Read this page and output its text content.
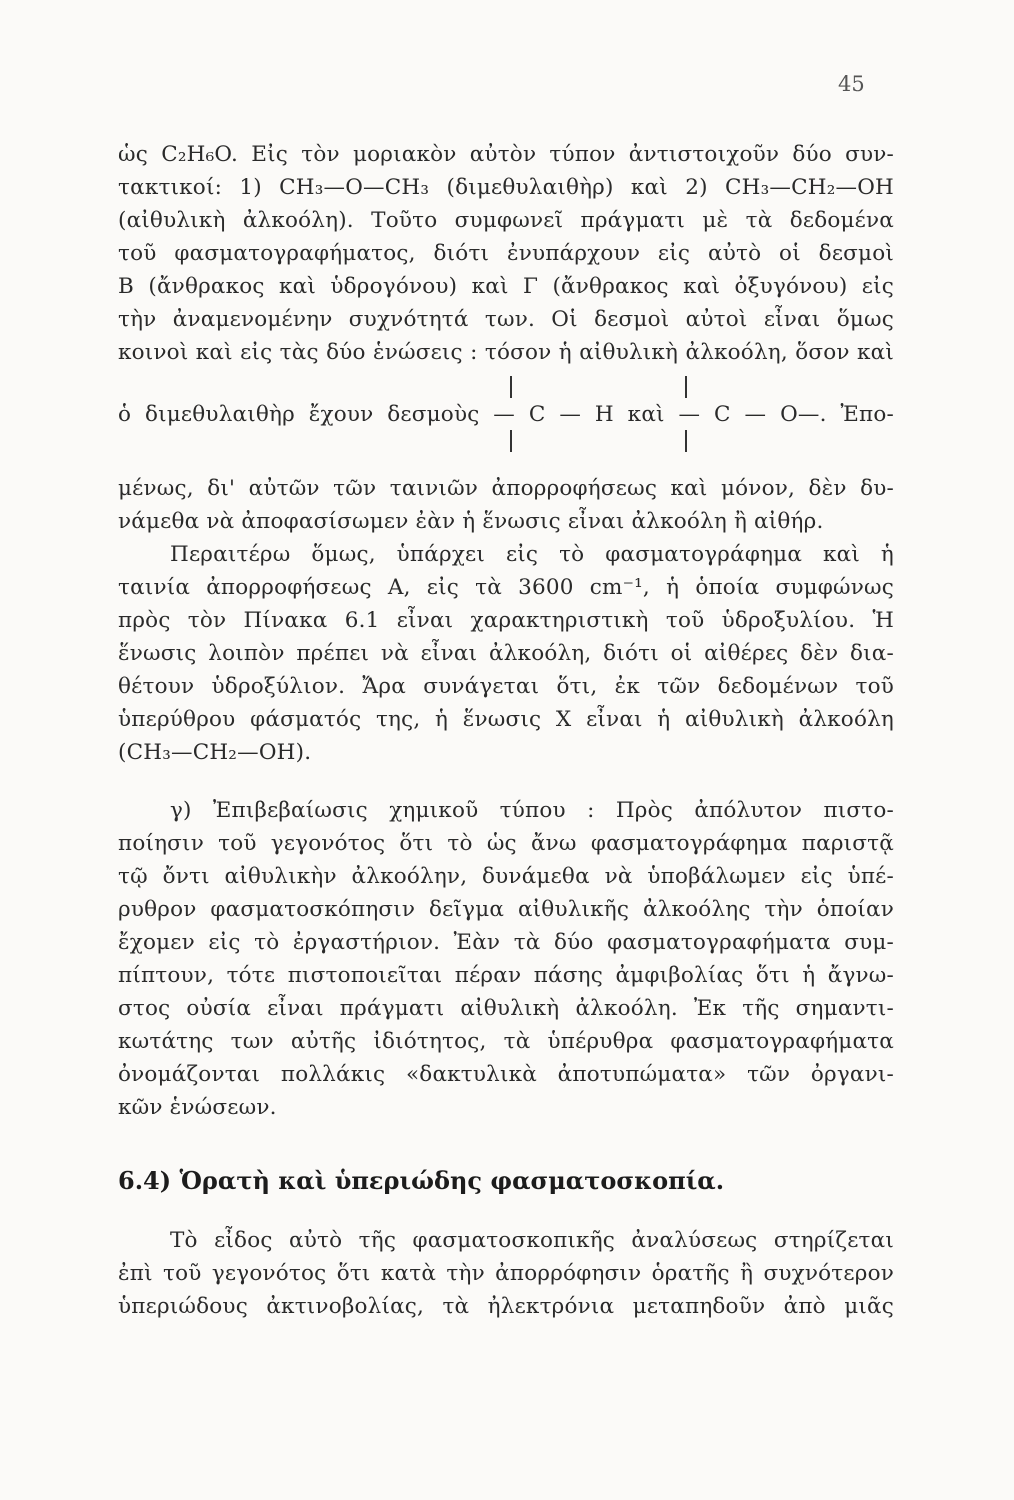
45
ὡς C₂H₆O. Εἰς τὸν μοριακὸν αὐτὸν τύπον ἀντιστοιχοῦν δύο συν-
τακτικοί: 1) CH₃—O—CH₃ (διμεθυλαιθὴρ) καὶ 2) CH₃—CH₂—OH
(αἰθυλικὴ ἀλκοόλη). Τοῦτο συμφωνεῖ πράγματι μὲ τὰ δεδομένα
τοῦ φασματογραφήματος, διότι ἐνυπάρχουν εἰς αὐτὸ οἱ δεσμοὶ
B (ἄνθρακος καὶ ὑδρογόνου) καὶ Γ (ἄνθρακος καὶ ὀξυγόνου) εἰς
τὴν ἀναμενομένην συχνότητά των. Οἱ δεσμοὶ αὐτοὶ εἶναι ὅμως
κοινοὶ καὶ εἰς τὰς δύο ἑνώσεις : τόσον ἡ αἰθυλικὴ ἀλκοόλη, ὅσον καὶ
ὁ διμεθυλαιθὴρ ἔχουν δεσμοὺς — C — H καὶ — C — O—. Ἐπο-
μένως, δι' αὐτῶν τῶν ταινιῶν ἀπορροφήσεως καὶ μόνον, δὲν δυ-
νάμεθα νὰ ἀποφασίσωμεν ἐὰν ἡ ἕνωσις εἶναι ἀλκοόλη ἢ αἰθήρ.
Περαιτέρω ὅμως, ὑπάρχει εἰς τὸ φασματογράφημα καὶ ἡ
ταινία ἀπορροφήσεως A, εἰς τὰ 3600 cm⁻¹, ἡ ὁποία συμφώνως
πρὸς τὸν Πίνακα 6.1 εἶναι χαρακτηριστικὴ τοῦ ὑδροξυλίου. Ἡ
ἕνωσις λοιπὸν πρέπει νὰ εἶναι ἀλκοόλη, διότι οἱ αἰθέρες δὲν δια-
θέτουν ὑδροξύλιον. Ἄρα συνάγεται ὅτι, ἐκ τῶν δεδομένων τοῦ
ὑπερύθρου φάσματός της, ἡ ἕνωσις X εἶναι ἡ αἰθυλικὴ ἀλκοόλη
(CH₃—CH₂—OH).
γ) Ἐπιβεβαίωσις χημικοῦ τύπου : Πρὸς ἀπόλυτον πιστο-
ποίησιν τοῦ γεγονότος ὅτι τὸ ὡς ἄνω φασματογράφημα παριστᾷ
τῷ ὄντι αἰθυλικὴν ἀλκοόλην, δυνάμεθα νὰ ὑποβάλωμεν εἰς ὑπέ-
ρυθρον φασματοσκόπησιν δεῖγμα αἰθυλικῆς ἀλκοόλης τὴν ὁποίαν
ἔχομεν εἰς τὸ ἐργαστήριον. Ἐὰν τὰ δύο φασματογραφήματα συμ-
πίπτουν, τότε πιστοποιεῖται πέραν πάσης ἀμφιβολίας ὅτι ἡ ἄγνω-
στος οὐσία εἶναι πράγματι αἰθυλικὴ ἀλκοόλη. Ἐκ τῆς σημαντι-
κωτάτης των αὐτῆς ἰδιότητος, τὰ ὑπέρυθρα φασματογραφήματα
ὀνομάζονται πολλάκις «δακτυλικὰ ἀποτυπώματα» τῶν ὀργανι-
κῶν ἑνώσεων.
6.4) Ὁρατὴ καὶ ὑπεριώδης φασματοσκοπία.
Τὸ εἶδος αὐτὸ τῆς φασματοσκοπικῆς ἀναλύσεως στηρίζεται
ἐπὶ τοῦ γεγονότος ὅτι κατὰ τὴν ἀπορρόφησιν ὁρατῆς ἢ συχνότερον
ὑπεριώδους ἀκτινοβολίας, τὰ ἠλεκτρόνια μεταπηδοῦν ἀπὸ μιᾶς
